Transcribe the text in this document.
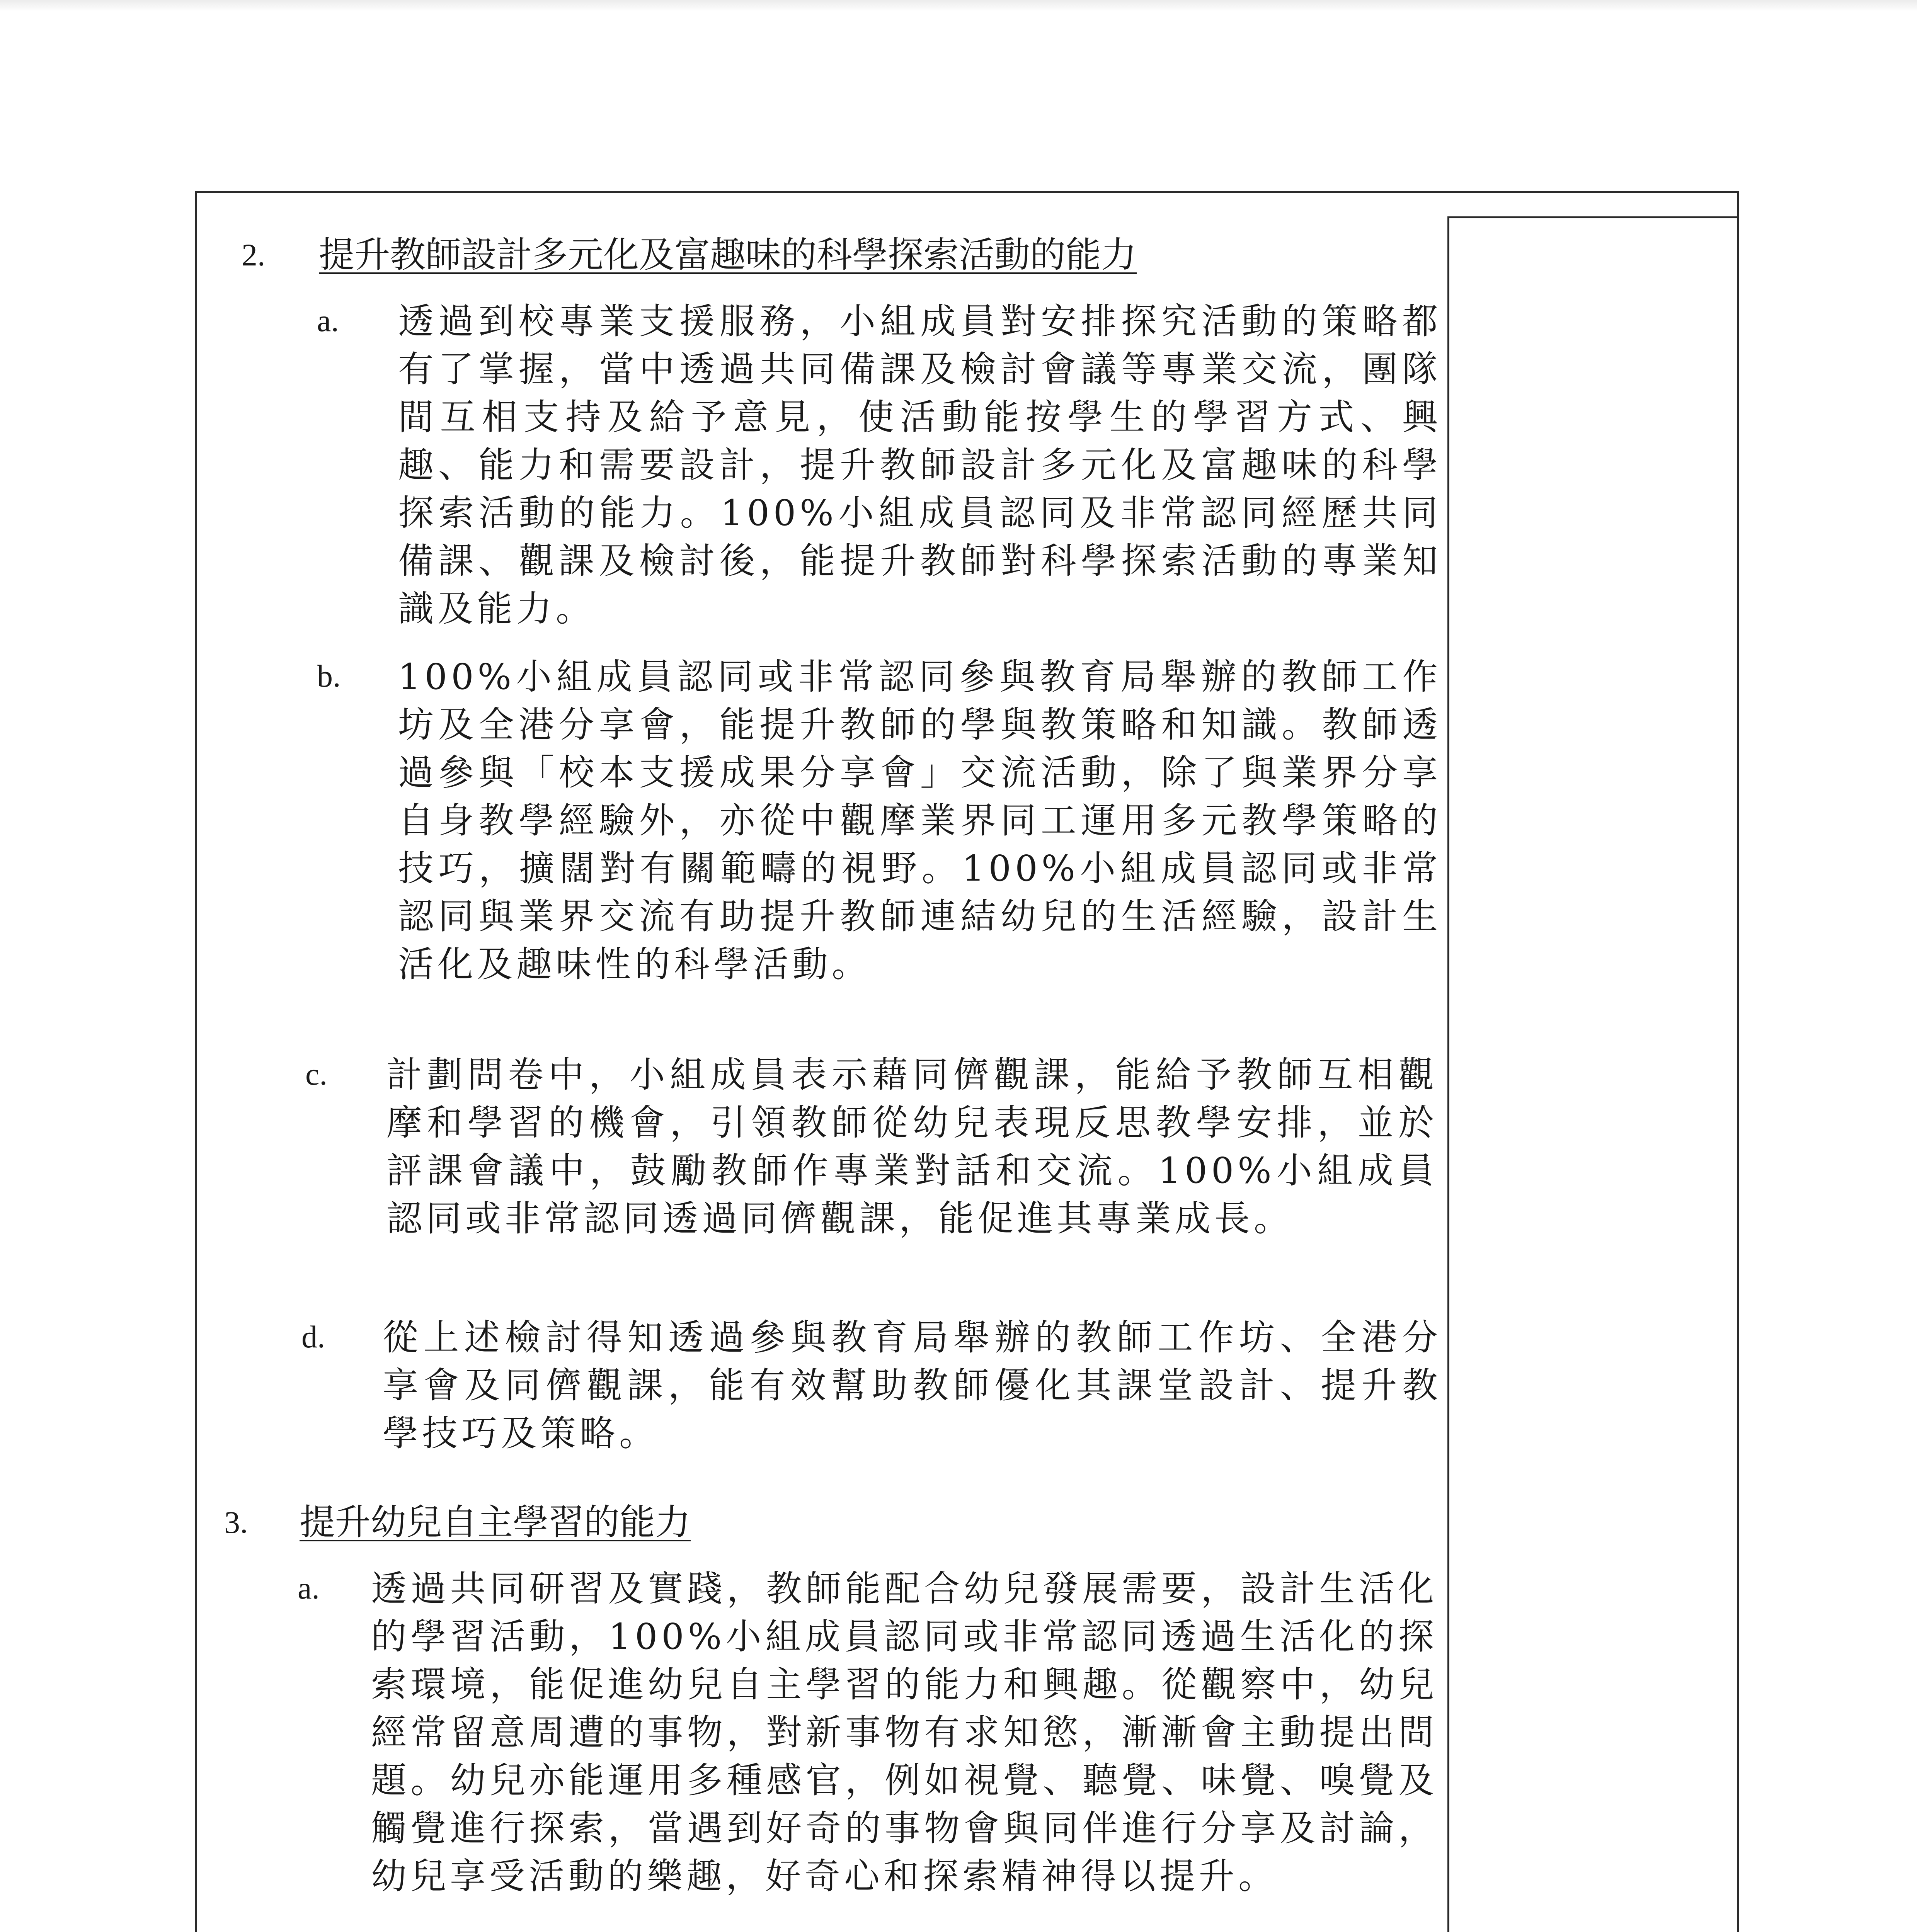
2. 提升教師設計多元化及富趣味的科學探索活動的能力
a. 透過到校專業支援服務，小組成員對安排探究活動的策略都有了掌握，當中透過共同備課及檢討會議等專業交流，團隊間互相支持及給予意見，使活動能按學生的學習方式、興趣、能力和需要設計，提升教師設計多元化及富趣味的科學探索活動的能力。100%小組成員認同及非常認同經歷共同備課、觀課及檢討後，能提升教師對科學探索活動的專業知識及能力。
b. 100%小組成員認同或非常認同參與教育局舉辦的教師工作坊及全港分享會，能提升教師的學與教策略和知識。教師透過參與「校本支援成果分享會」交流活動，除了與業界分享自身教學經驗外，亦從中觀摩業界同工運用多元教學策略的技巧，擴闊對有關範疇的視野。100%小組成員認同或非常認同與業界交流有助提升教師連結幼兒的生活經驗，設計生活化及趣味性的科學活動。
c. 計劃問卷中，小組成員表示藉同儕觀課，能給予教師互相觀摩和學習的機會，引領教師從幼兒表現反思教學安排，並於評課會議中，鼓勵教師作專業對話和交流。100%小組成員認同或非常認同透過同儕觀課，能促進其專業成長。
d. 從上述檢討得知透過參與教育局舉辦的教師工作坊、全港分享會及同儕觀課，能有效幫助教師優化其課堂設計、提升教學技巧及策略。
3. 提升幼兒自主學習的能力
a. 透過共同研習及實踐，教師能配合幼兒發展需要，設計生活化的學習活動，100%小組成員認同或非常認同透過生活化的探索環境，能促進幼兒自主學習的能力和興趣。從觀察中，幼兒經常留意周遭的事物，對新事物有求知慾，漸漸會主動提出問題。幼兒亦能運用多種感官，例如視覺、聽覺、味覺、嗅覺及觸覺進行探索，當遇到好奇的事物會與同伴進行分享及討論，幼兒享受活動的樂趣，好奇心和探索精神得以提升。
